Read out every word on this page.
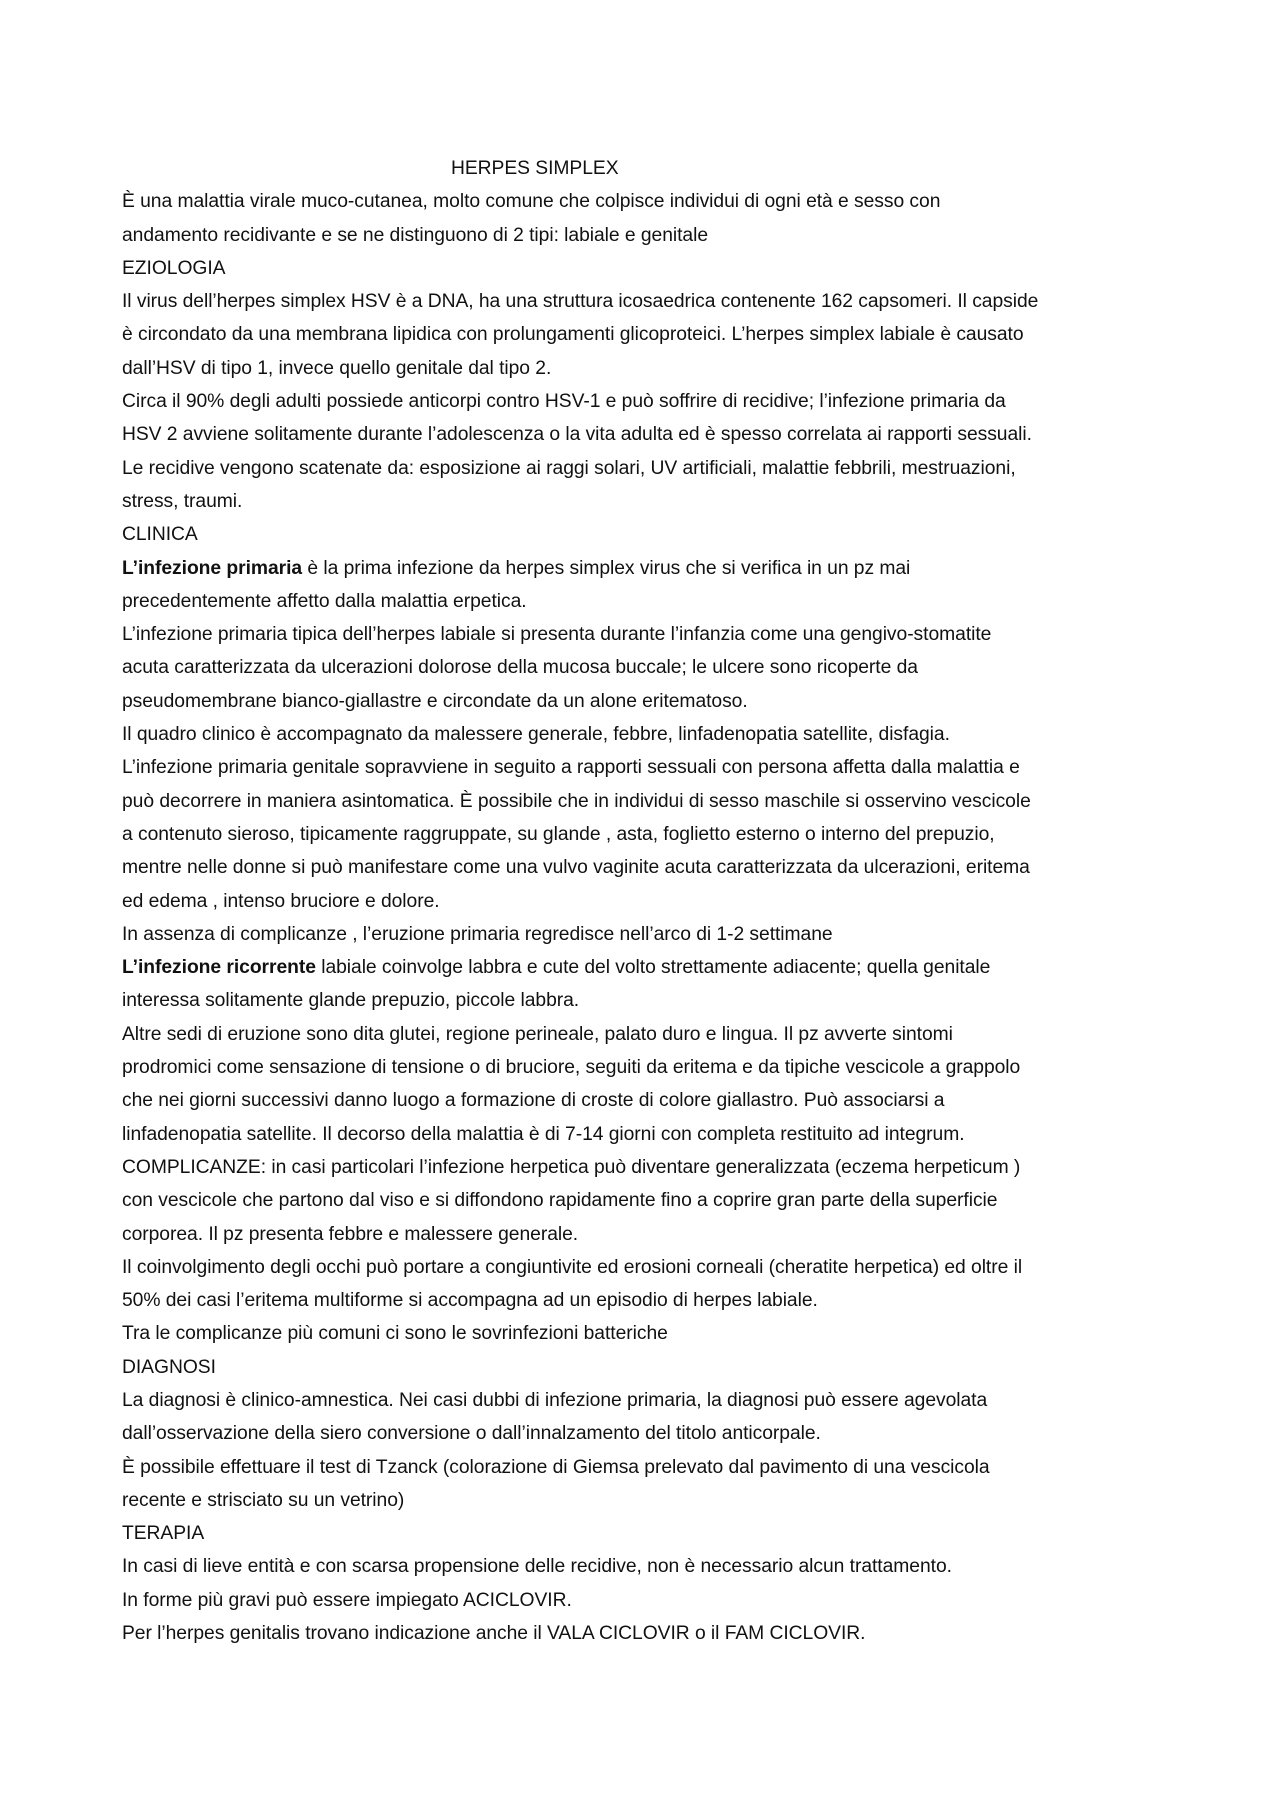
HERPES SIMPLEX
È una malattia virale muco-cutanea, molto comune che colpisce individui di ogni età e sesso con
andamento recidivante e se ne distinguono di 2 tipi: labiale e genitale
EZIOLOGIA
Il virus dell’herpes simplex HSV è a DNA, ha una struttura icosaedrica contenente 162 capsomeri. Il capside
è circondato da una membrana lipidica con prolungamenti glicoproteici. L’herpes simplex labiale è causato
dall’HSV di tipo 1, invece quello genitale dal tipo 2.
Circa il 90% degli adulti possiede anticorpi contro HSV-1 e può soffrire di recidive; l’infezione primaria da
HSV 2 avviene solitamente durante l’adolescenza o la vita adulta ed è spesso correlata ai rapporti sessuali.
Le recidive vengono scatenate da: esposizione ai raggi solari, UV artificiali, malattie febbrili, mestruazioni,
stress, traumi.
CLINICA
L’infezione primaria è la prima infezione da herpes simplex virus che si verifica in un pz mai
precedentemente affetto dalla malattia erpetica.
L’infezione primaria tipica dell’herpes labiale si presenta durante l’infanzia come una gengivo-stomatite
acuta caratterizzata da ulcerazioni dolorose della mucosa buccale; le ulcere sono ricoperte da
pseudomembrane bianco-giallastre e circondate da un alone eritematoso.
Il quadro clinico è accompagnato da malessere generale, febbre, linfadenopatia satellite, disfagia.
L’infezione primaria genitale sopravviene in seguito a rapporti sessuali con persona affetta dalla malattia e
può decorrere in maniera asintomatica. È possibile che in individui di sesso maschile si osservino vescicole
a contenuto sieroso, tipicamente raggruppate, su glande , asta, foglietto esterno o interno del prepuzio,
mentre nelle donne si può manifestare come una vulvo vaginite acuta caratterizzata da ulcerazioni, eritema
ed edema , intenso bruciore e dolore.
In assenza di complicanze , l’eruzione primaria regredisce nell’arco di 1-2 settimane
L’infezione ricorrente labiale coinvolge labbra e cute del volto strettamente adiacente; quella genitale
interessa solitamente glande prepuzio, piccole labbra.
Altre sedi di eruzione sono dita glutei, regione perineale, palato duro e lingua. Il pz avverte sintomi
prodromici come sensazione di tensione o di bruciore, seguiti da eritema e da tipiche vescicole a grappolo
che nei giorni successivi danno luogo a formazione di croste di colore giallastro. Può associarsi a
linfadenopatia satellite. Il decorso della malattia è di 7-14 giorni con completa restituito ad integrum.
COMPLICANZE: in casi particolari l’infezione herpetica può diventare generalizzata (eczema herpeticum )
con vescicole che partono dal viso e si diffondono rapidamente fino a coprire gran parte della superficie
corporea. Il pz presenta febbre e malessere generale.
Il coinvolgimento degli occhi può portare a congiuntivite ed erosioni corneali (cheratite herpetica) ed oltre il
50% dei casi l’eritema multiforme si accompagna ad un episodio di herpes labiale.
Tra le complicanze più comuni ci sono le sovrinfezioni batteriche
DIAGNOSI
La diagnosi è clinico-amnestica. Nei casi dubbi di infezione primaria, la diagnosi può essere agevolata
dall’osservazione della siero conversione o dall’innalzamento del titolo anticorpale.
È possibile effettuare il test di Tzanck (colorazione di Giemsa prelevato dal pavimento di una vescicola
recente e strisciato su un vetrino)
TERAPIA
In casi di lieve entità e con scarsa propensione delle recidive, non è necessario alcun trattamento.
In forme più gravi può essere impiegato ACICLOVIR.
Per l’herpes genitalis trovano indicazione anche il VALA CICLOVIR o il FAM CICLOVIR.
